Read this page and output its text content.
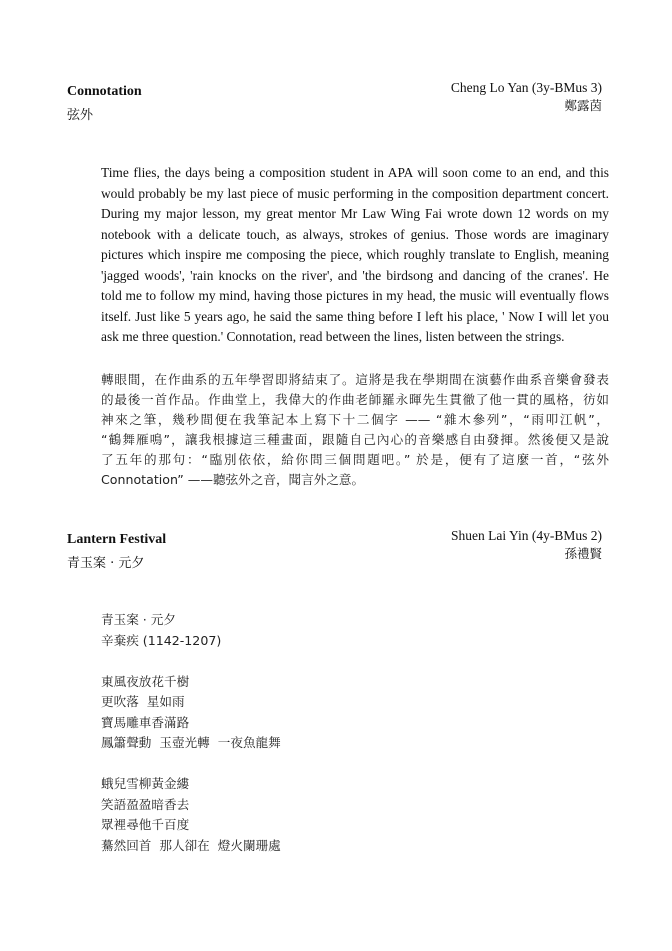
Connotation
弦外
Cheng Lo Yan (3y-BMus 3)
鄭露茵
Time flies, the days being a composition student in APA will soon come to an end, and this
would probably be my last piece of music performing in the composition department concert.
During my major lesson, my great mentor Mr Law Wing Fai wrote down 12 words on my
notebook with a delicate touch, as always, strokes of genius. Those words are imaginary
pictures which inspire me composing the piece, which roughly translate to English, meaning
'jagged woods', 'rain knocks on the river', and 'the birdsong and dancing of the cranes'. He
told me to follow my mind, having those pictures in my head, the music will eventually flows
itself. Just like 5 years ago, he said the same thing before I left his place, ' Now I will let you
ask me three question.' Connotation, read between the lines, listen between the strings.
轉眼間，在作曲系的五年學習即將結束了。這將是我在學期間在演藝作曲系音樂會發表
的最後一首作品。作曲堂上，我偉大的作曲老師羅永暉先生貫徹了他一貫的風格，彷如
神來之筆，幾秒間便在我筆記本上寫下十二個字 —— “雜木參列”，“雨叩江帆”，
“鶴舞雁鳴”，讓我根據這三種畫面，跟隨自己內心的音樂感自由發揮。然後便又是說
了五年的那句：“臨別依依，給你問三個問題吧。” 於是，便有了這麼一首，“弦外
Connotation” ——聽弦外之音，聞言外之意。
Lantern Festival
青玉案 · 元夕
Shuen Lai Yin (4y-BMus 2)
孫禮賢
青玉案 · 元夕
辛棄疾 (1142-1207)
東風夜放花千樹
更吹落  星如雨
寶馬雕車香滿路
鳳簫聲動  玉壺光轉  一夜魚龍舞
蛾兒雪柳黃金縷
笑語盈盈暗香去
眾裡尋他千百度
驀然回首  那人卻在  燈火闌珊處
